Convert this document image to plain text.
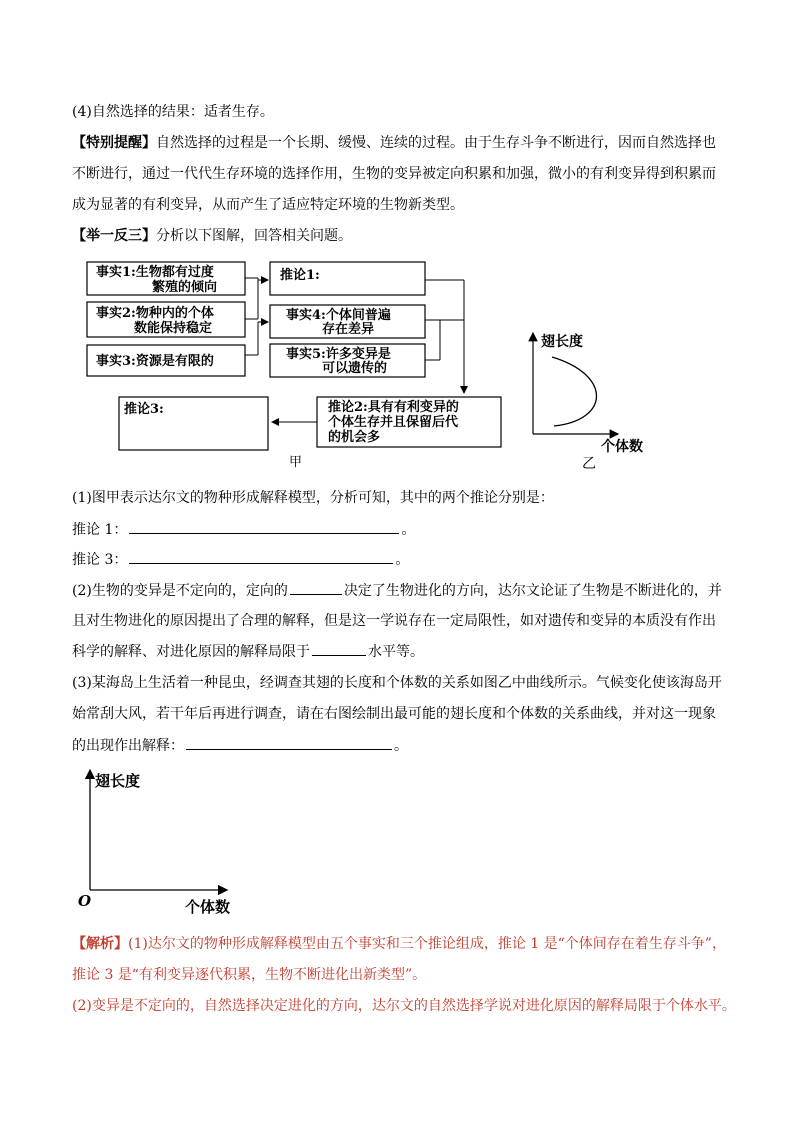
(4)自然选择的结果：适者生存。
【特别提醒】自然选择的过程是一个长期、缓慢、连续的过程。由于生存斗争不断进行，因而自然选择也
不断进行，通过一代代生存环境的选择作用，生物的变异被定向积累和加强，微小的有利变异得到积累而
成为显著的有利变异，从而产生了适应特定环境的生物新类型。
【举一反三】分析以下图解，回答相关问题。
事实1:生物都有过度
繁殖的倾向
事实2:物种内的个体
数能保持稳定
事实3:资源是有限的
推论1:
事实4:个体间普遍
存在差异
事实5:许多变异是
可以遗传的
推论2:具有有利变异的
个体生存并且保留后代
的机会多
推论3:
甲
翅长度
个体数
乙
(1)图甲表示达尔文的物种形成解释模型，分析可知，其中的两个推论分别是：
推论 1：	。
推论 3：	。
(2)生物的变异是不定向的，定向的	决定了生物进化的方向，达尔文论证了生物是不断进化的，并
且对生物进化的原因提出了合理的解释，但是这一学说存在一定局限性，如对遗传和变异的本质没有作出
科学的解释、对进化原因的解释局限于	水平等。
(3)某海岛上生活着一种昆虫，经调查其翅的长度和个体数的关系如图乙中曲线所示。气候变化使该海岛开
始常刮大风，若干年后再进行调查，请在右图绘制出最可能的翅长度和个体数的关系曲线，并对这一现象
的出现作出解释：	。
翅长度
个体数
O
【解析】(1)达尔文的物种形成解释模型由五个事实和三个推论组成，推论 1 是“个体间存在着生存斗争”，
推论 3 是“有利变异逐代积累，生物不断进化出新类型”。
(2)变异是不定向的，自然选择决定进化的方向，达尔文的自然选择学说对进化原因的解释局限于个体水平。
